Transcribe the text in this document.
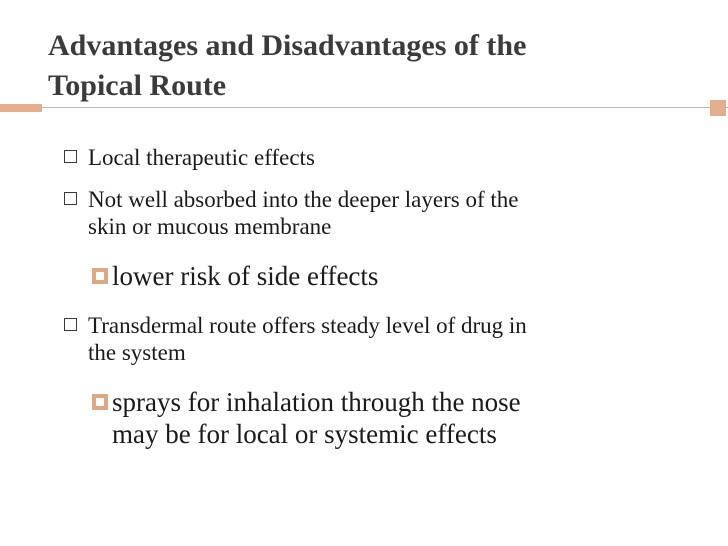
Advantages and Disadvantages of the
Topical Route
Local therapeutic effects
Not well absorbed into the deeper layers of the
skin or mucous membrane
lower risk of side effects
Transdermal route offers steady level of drug in
the system
sprays for inhalation through the nose
may be for local or systemic effects
